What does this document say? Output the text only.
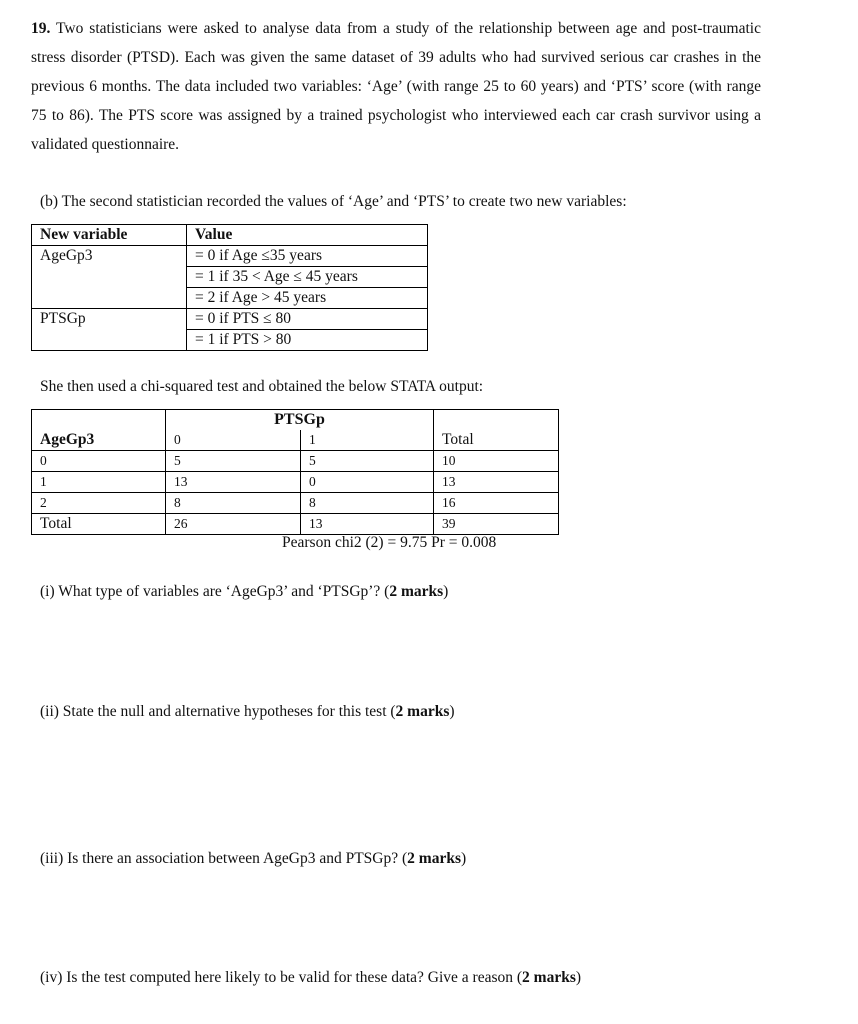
19. Two statisticians were asked to analyse data from a study of the relationship between age and post-traumatic stress disorder (PTSD). Each was given the same dataset of 39 adults who had survived serious car crashes in the previous 6 months. The data included two variables: ‘Age’ (with range 25 to 60 years) and ‘PTS’ score (with range 75 to 86). The PTS score was assigned by a trained psychologist who interviewed each car crash survivor using a validated questionnaire.
(b) The second statistician recorded the values of ‘Age’ and ‘PTS’ to create two new variables:
New variable	Value
AgeGp3	= 0 if Age ≤35 years
	= 1 if 35 < Age ≤ 45 years
	= 2 if Age > 45 years
PTSGp	= 0 if PTS ≤ 80
	= 1 if PTS > 80
She then used a chi-squared test and obtained the below STATA output:
	PTSGp		
AgeGp3	0	1	Total
0	5	5	10
1	13	0	13
2	8	8	16
Total	26	13	39
Pearson chi2 (2) = 9.75 Pr = 0.008
(i) What type of variables are ‘AgeGp3’ and ‘PTSGp’? (2 marks)
(ii) State the null and alternative hypotheses for this test (2 marks)
(iii) Is there an association between AgeGp3 and PTSGp? (2 marks)
(iv) Is the test computed here likely to be valid for these data? Give a reason (2 marks)
